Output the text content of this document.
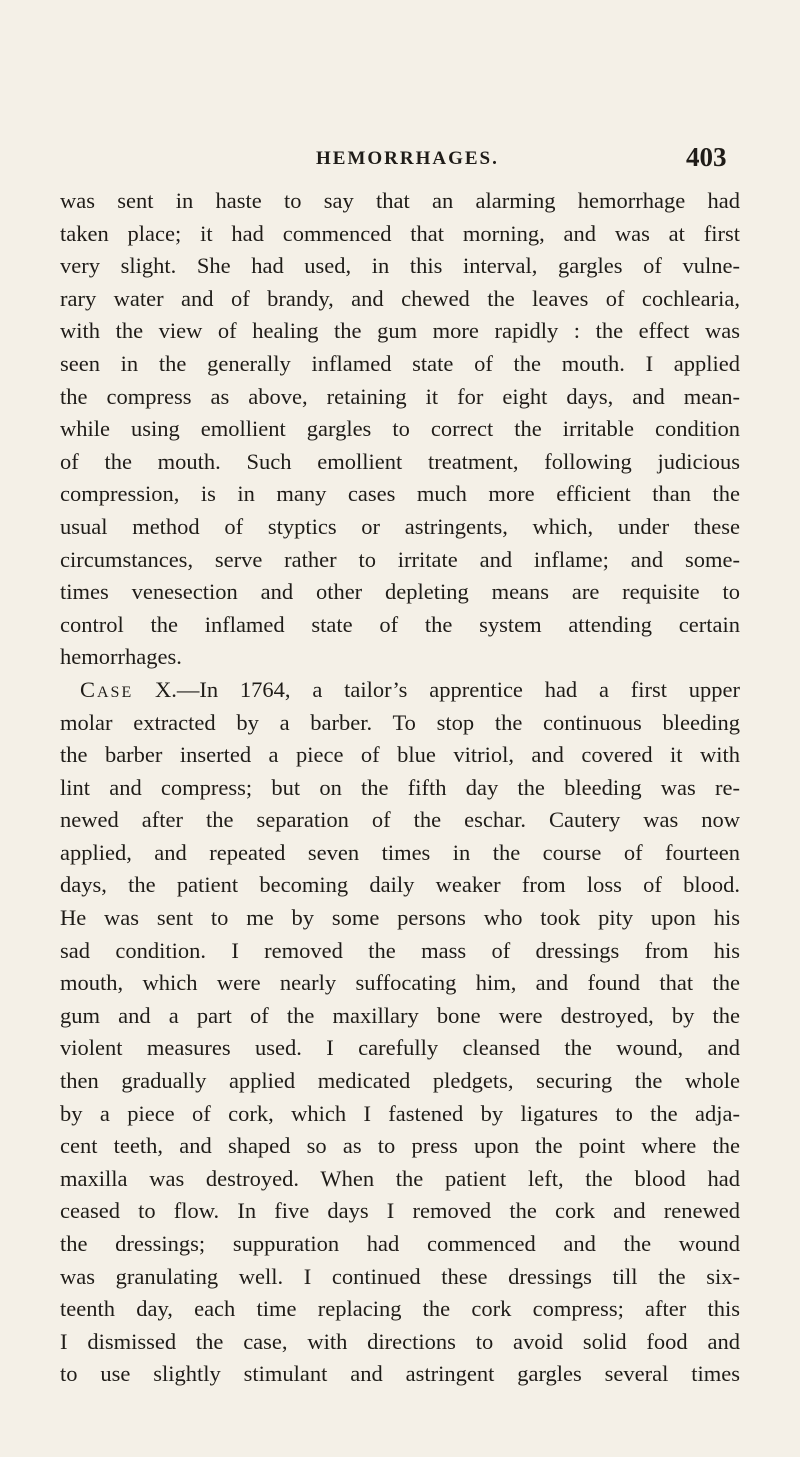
HEMORRHAGES.	403
was sent in haste to say that an alarming hemorrhage had
taken place; it had commenced that morning, and was at first
very slight. She had used, in this interval, gargles of vulne-
rary water and of brandy, and chewed the leaves of cochlearia,
with the view of healing the gum more rapidly : the effect was
seen in the generally inflamed state of the mouth. I applied
the compress as above, retaining it for eight days, and mean-
while using emollient gargles to correct the irritable condition
of the mouth. Such emollient treatment, following judicious
compression, is in many cases much more efficient than the
usual method of styptics or astringents, which, under these
circumstances, serve rather to irritate and inflame; and some-
times venesection and other depleting means are requisite to
control the inflamed state of the system attending certain
hemorrhages.
Case X.—In 1764, a tailor’s apprentice had a first upper
molar extracted by a barber. To stop the continuous bleeding
the barber inserted a piece of blue vitriol, and covered it with
lint and compress; but on the fifth day the bleeding was re-
newed after the separation of the eschar. Cautery was now
applied, and repeated seven times in the course of fourteen
days, the patient becoming daily weaker from loss of blood.
He was sent to me by some persons who took pity upon his
sad condition. I removed the mass of dressings from his
mouth, which were nearly suffocating him, and found that the
gum and a part of the maxillary bone were destroyed, by the
violent measures used. I carefully cleansed the wound, and
then gradually applied medicated pledgets, securing the whole
by a piece of cork, which I fastened by ligatures to the adja-
cent teeth, and shaped so as to press upon the point where the
maxilla was destroyed. When the patient left, the blood had
ceased to flow. In five days I removed the cork and renewed
the dressings; suppuration had commenced and the wound
was granulating well. I continued these dressings till the six-
teenth day, each time replacing the cork compress; after this
I dismissed the case, with directions to avoid solid food and
to use slightly stimulant and astringent gargles several times
